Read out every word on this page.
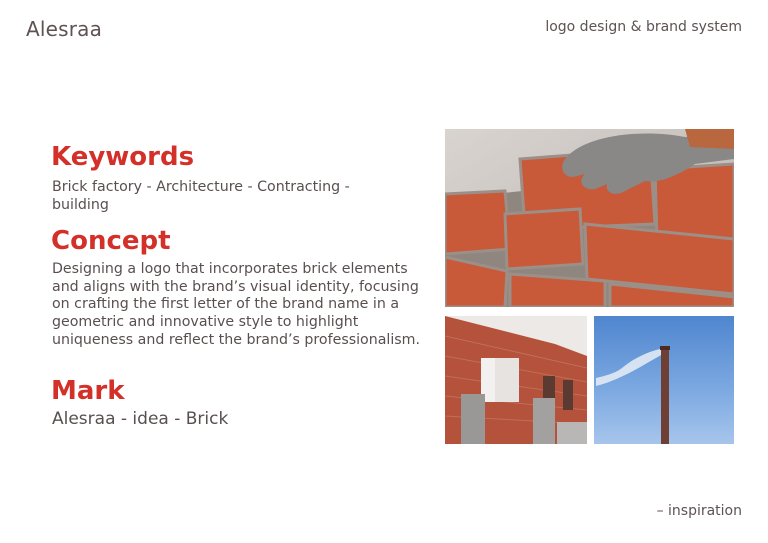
Alesraa	logo design & brand system
Keywords
Brick factory - Architecture - Contracting - building
Concept
Designing a logo that incorporates brick elements and aligns with the brand’s visual identity, focusing on crafting the first letter of the brand name in a geometric and innovative style to highlight uniqueness and reflect the brand’s professionalism.
Mark
Alesraa - idea - Brick
– inspiration
